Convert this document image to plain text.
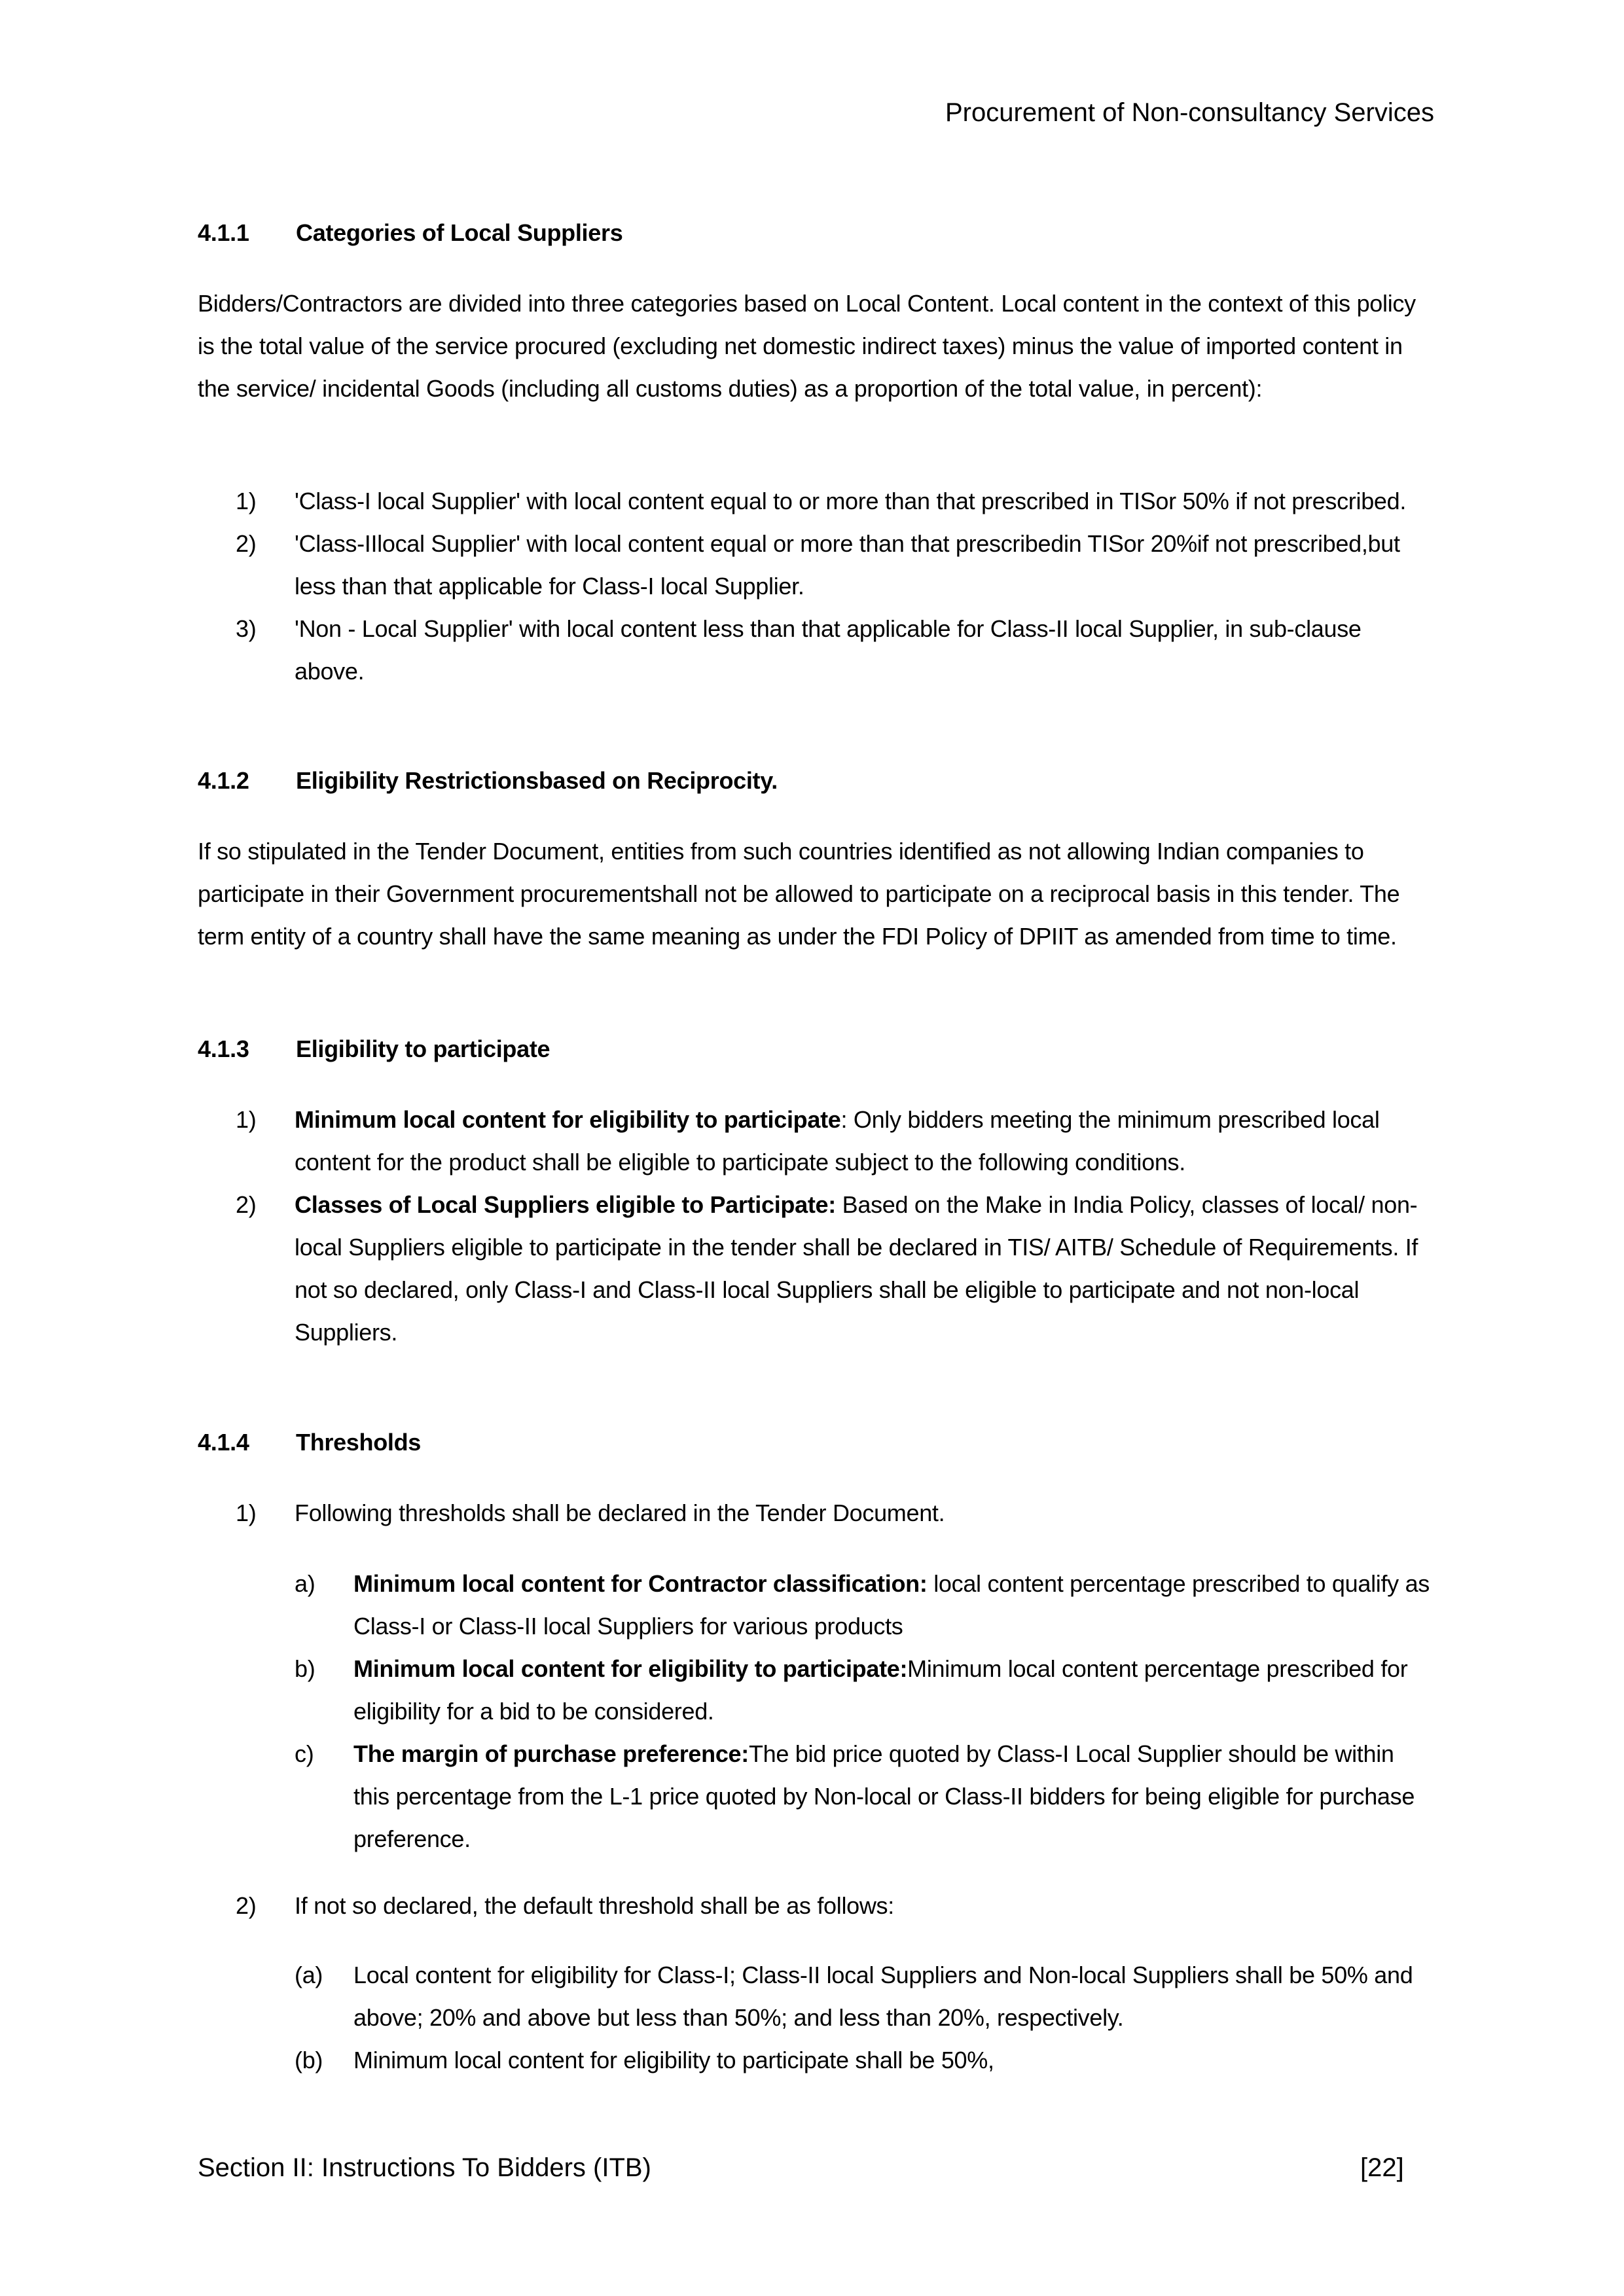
Procurement of Non-consultancy Services
4.1.1 Categories of Local Suppliers
Bidders/Contractors are divided into three categories based on Local Content. Local content in the context of this policy is the total value of the service procured (excluding net domestic indirect taxes) minus the value of imported content in the service/ incidental Goods (including all customs duties) as a proportion of the total value, in percent):
1) 'Class-I local Supplier' with local content equal to or more than that prescribed in TISor 50% if not prescribed.
2) 'Class-IIlocal Supplier' with local content equal or more than that prescribedin TISor 20%if not prescribed,but less than that applicable for Class-I local Supplier.
3) 'Non - Local Supplier' with local content less than that applicable for Class-II local Supplier, in sub-clause above.
4.1.2 Eligibility Restrictionsbased on Reciprocity.
If so stipulated in the Tender Document, entities from such countries identified as not allowing Indian companies to participate in their Government procurementshall not be allowed to participate on a reciprocal basis in this tender. The term entity of a country shall have the same meaning as under the FDI Policy of DPIIT as amended from time to time.
4.1.3 Eligibility to participate
1) Minimum local content for eligibility to participate: Only bidders meeting the minimum prescribed local content for the product shall be eligible to participate subject to the following conditions.
2) Classes of Local Suppliers eligible to Participate: Based on the Make in India Policy, classes of local/ non-local Suppliers eligible to participate in the tender shall be declared in TIS/ AITB/ Schedule of Requirements. If not so declared, only Class-I and Class-II local Suppliers shall be eligible to participate and not non-local Suppliers.
4.1.4 Thresholds
1) Following thresholds shall be declared in the Tender Document.
a) Minimum local content for Contractor classification: local content percentage prescribed to qualify as Class-I or Class-II local Suppliers for various products
b) Minimum local content for eligibility to participate:Minimum local content percentage prescribed for eligibility for a bid to be considered.
c) The margin of purchase preference:The bid price quoted by Class-I Local Supplier should be within this percentage from the L-1 price quoted by Non-local or Class-II bidders for being eligible for purchase preference.
2) If not so declared, the default threshold shall be as follows:
(a) Local content for eligibility for Class-I; Class-II local Suppliers and Non-local Suppliers shall be 50% and above; 20% and above but less than 50%; and less than 20%, respectively.
(b) Minimum local content for eligibility to participate shall be 50%,
Section II: Instructions To Bidders (ITB)	[22]
